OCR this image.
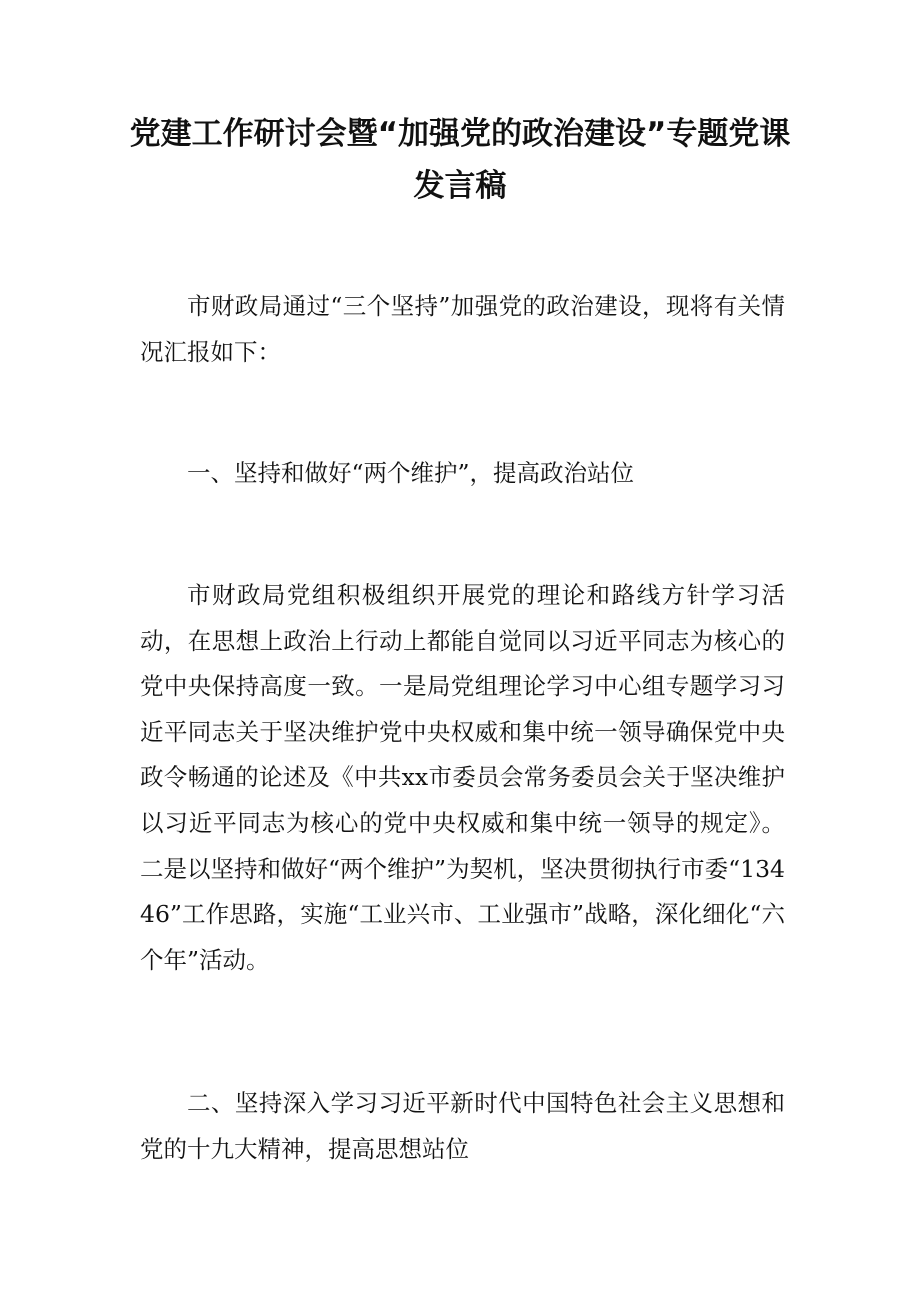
党建工作研讨会暨“加强党的政治建设”专题党课发言稿

市财政局通过“三个坚持”加强党的政治建设，现将有关情况汇报如下：

一、坚持和做好“两个维护”，提高政治站位

市财政局党组积极组织开展党的理论和路线方针学习活动，在思想上政治上行动上都能自觉同以习近平同志为核心的党中央保持高度一致。一是局党组理论学习中心组专题学习习近平同志关于坚决维护党中央权威和集中统一领导确保党中央政令畅通的论述及《中共xx市委员会常务委员会关于坚决维护以习近平同志为核心的党中央权威和集中统一领导的规定》。二是以坚持和做好“两个维护”为契机，坚决贯彻执行市委“13446”工作思路，实施“工业兴市、工业强市”战略，深化细化“六个年”活动。

二、坚持深入学习习近平新时代中国特色社会主义思想和党的十九大精神，提高思想站位
